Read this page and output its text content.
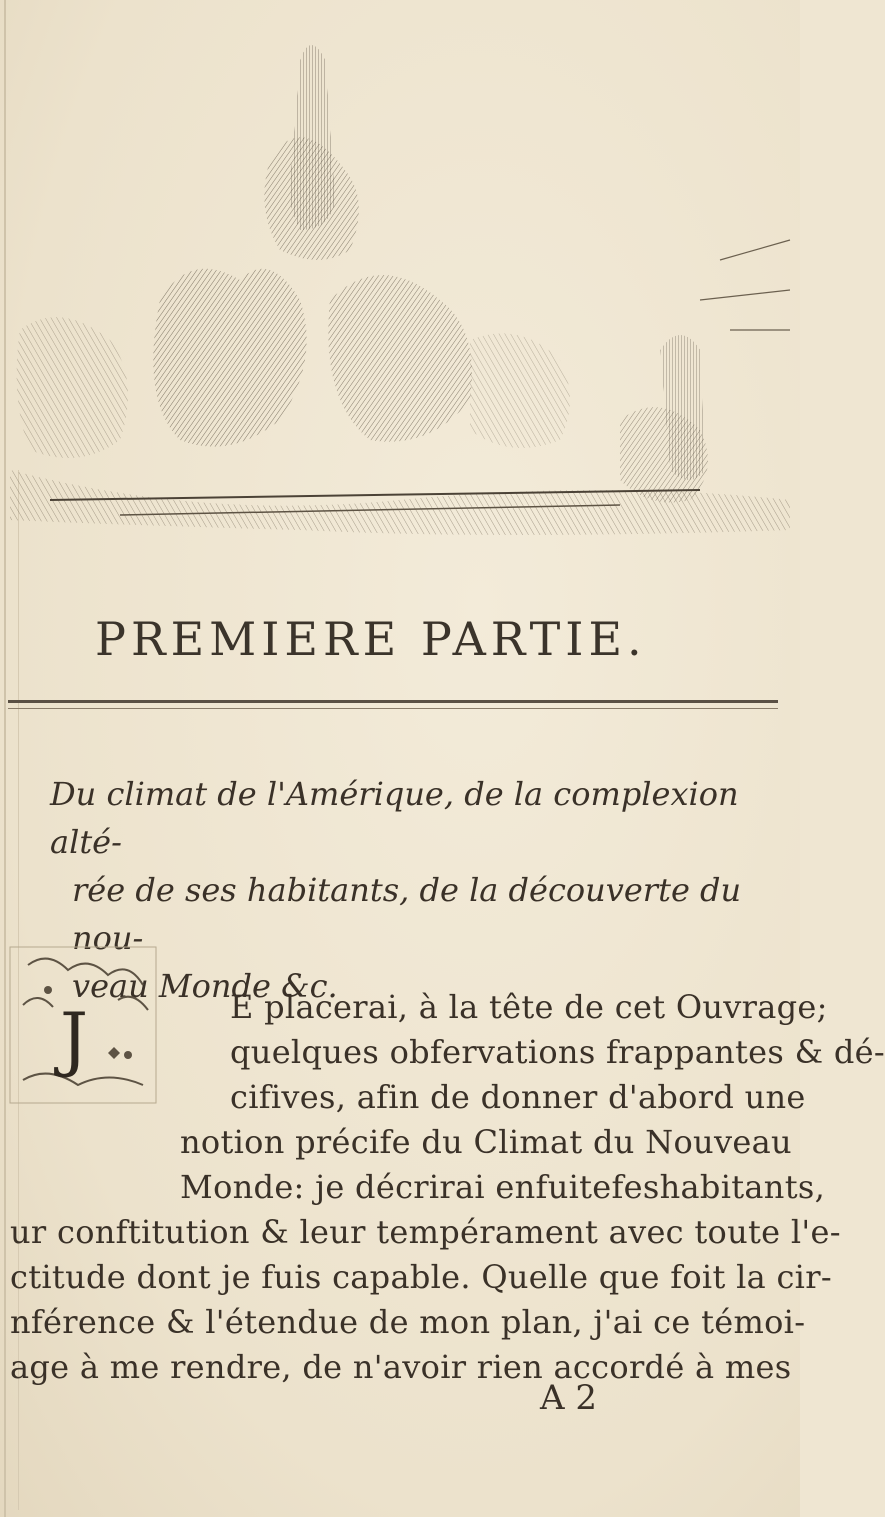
PREMIERE PARTIE.

Du climat de l'Amérique, de la complexion alté-

rée de ses habitants, de la découverte du nou-

veau Monde &c.

J	E placerai, à la tête de cet Ouvrage;
quelques obfervations frappantes & dé-
cifives, afin de donner d'abord une
notion précife du Climat du Nouveau
Monde: je décrirai enfuitefeshabitants,
ur conftitution & leur tempérament avec toute l'e-
ctitude dont je fuis capable. Quelle que foit la cir-
nférence & l'étendue de mon plan, j'ai ce témoi-
age à me rendre, de n'avoir rien accordé à mes
A 2
